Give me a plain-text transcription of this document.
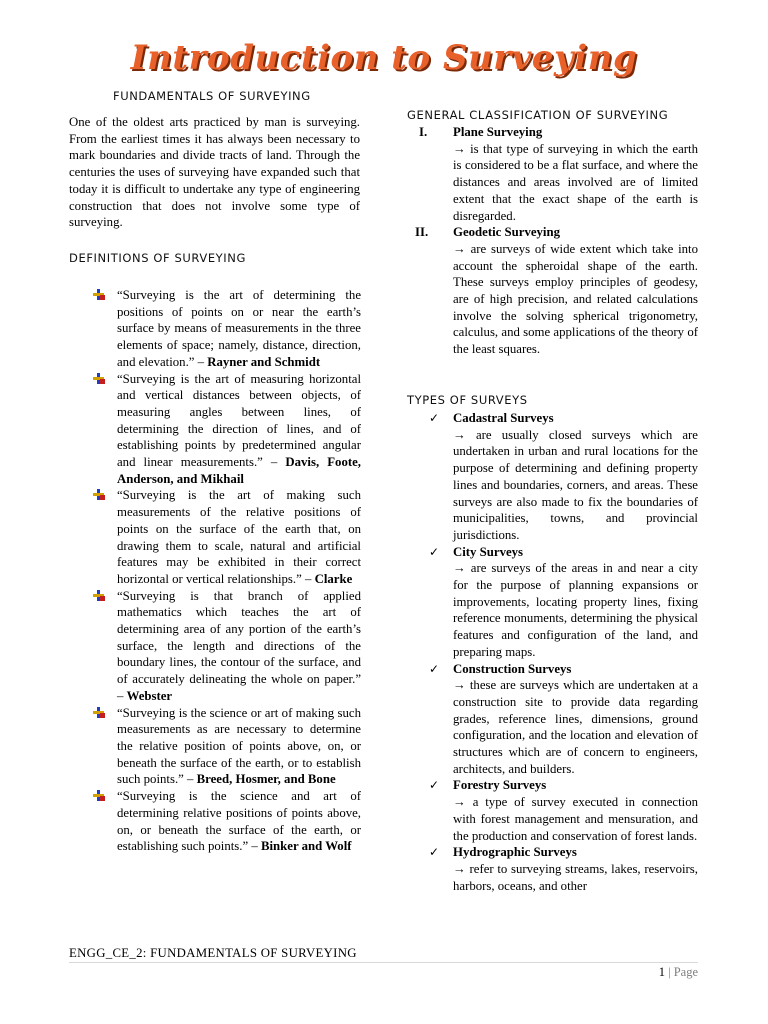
Introduction to Surveying
FUNDAMENTALS OF SURVEYING

One of the oldest arts practiced by man is surveying. From the earliest times it has always been necessary to mark boundaries and divide tracts of land. Through the centuries the uses of surveying have expanded such that today it is difficult to undertake any type of engineering construction that does not involve some type of surveying.

DEFINITIONS OF SURVEYING
“Surveying is the art of determining the positions of points on or near the earth’s surface by means of measurements in the three elements of space; namely, distance, direction, and elevation.” – Rayner and Schmidt
“Surveying is the art of measuring horizontal and vertical distances between objects, of measuring angles between lines, of determining the direction of lines, and of establishing points by predetermined angular and linear measurements.” – Davis, Foote, Anderson, and Mikhail
“Surveying is the art of making such measurements of the relative positions of points on the surface of the earth that, on drawing them to scale, natural and artificial features may be exhibited in their correct horizontal or vertical relationships.” – Clarke
“Surveying is that branch of applied mathematics which teaches the art of determining area of any portion of the earth’s surface, the length and directions of the boundary lines, the contour of the surface, and of accurately delineating the whole on paper.” – Webster
“Surveying is the science or art of making such measurements as are necessary to determine the relative position of points above, on, or beneath the surface of the earth, or to establish such points.” – Breed, Hosmer, and Bone
“Surveying is the science and art of determining relative positions of points above, on, or beneath the surface of the earth, or establishing such points.” – Binker and Wolf
GENERAL CLASSIFICATION OF SURVEYING
I. Plane Surveying
→ is that type of surveying in which the earth is considered to be a flat surface, and where the distances and areas involved are of limited extent that the exact shape of the earth is disregarded.
II. Geodetic Surveying
→ are surveys of wide extent which take into account the spheroidal shape of the earth. These surveys employ principles of geodesy, are of high precision, and related calculations involve the solving spherical trigonometry, calculus, and some applications of the theory of the least squares.
TYPES OF SURVEYS
✓ Cadastral Surveys
→ are usually closed surveys which are undertaken in urban and rural locations for the purpose of determining and defining property lines and boundaries, corners, and areas. These surveys are also made to fix the boundaries of municipalities, towns, and provincial jurisdictions.
✓ City Surveys
→ are surveys of the areas in and near a city for the purpose of planning expansions or improvements, locating property lines, fixing reference monuments, determining the physical features and configuration of the land, and preparing maps.
✓ Construction Surveys
→ these are surveys which are undertaken at a construction site to provide data regarding grades, reference lines, dimensions, ground configuration, and the location and elevation of structures which are of concern to engineers, architects, and builders.
✓ Forestry Surveys
→ a type of survey executed in connection with forest management and mensuration, and the production and conservation of forest lands.
✓ Hydrographic Surveys
→ refer to surveying streams, lakes, reservoirs, harbors, oceans, and other
ENGG_CE_2: FUNDAMENTALS OF SURVEYING
1 | Page
